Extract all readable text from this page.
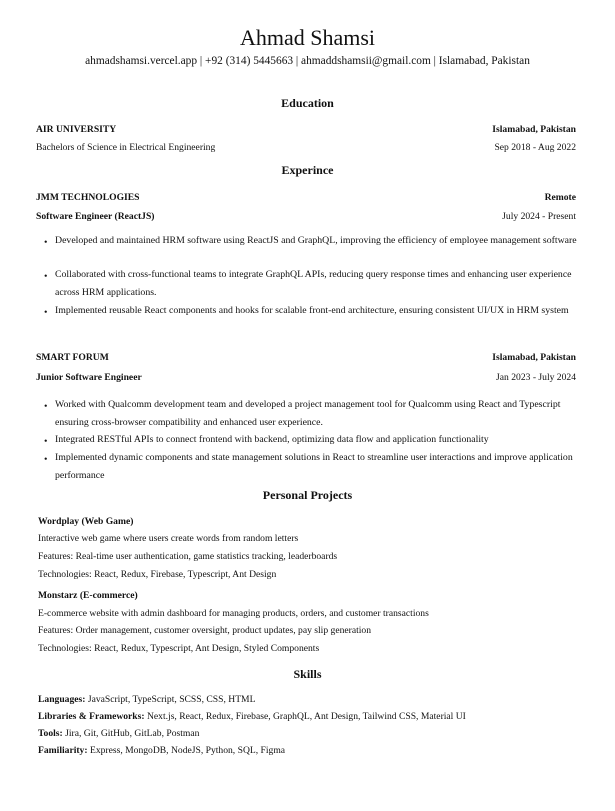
Ahmad Shamsi
ahmadshamsi.vercel.app | +92 (314) 5445663 | ahmaddshamsii@gmail.com | Islamabad, Pakistan
Education
AIR UNIVERSITY	Islamabad, Pakistan
Bachelors of Science in Electrical Engineering	Sep 2018 - Aug 2022
Experince
JMM TECHNOLOGIES	Remote
Software Engineer (ReactJS)	July 2024 - Present
• Developed and maintained HRM software using ReactJS and GraphQL, improving the efficiency of employee management software
• Collaborated with cross-functional teams to integrate GraphQL APIs, reducing query response times and enhancing user experience across HRM applications.
• Implemented reusable React components and hooks for scalable front-end architecture, ensuring consistent UI/UX in HRM system
SMART FORUM	Islamabad, Pakistan
Junior Software Engineer	Jan 2023 - July 2024
• Worked with Qualcomm development team and developed a project management tool for Qualcomm using React and Typescript ensuring cross-browser compatibility and enhanced user experience.
• Integrated RESTful APIs to connect frontend with backend, optimizing data flow and application functionality
• Implemented dynamic components and state management solutions in React to streamline user interactions and improve application performance
Personal Projects
Wordplay (Web Game)
Interactive web game where users create words from random letters
Features: Real-time user authentication, game statistics tracking, leaderboards
Technologies: React, Redux, Firebase, Typescript, Ant Design
Monstarz (E-commerce)
E-commerce website with admin dashboard for managing products, orders, and customer transactions
Features: Order management, customer oversight, product updates, pay slip generation
Technologies: React, Redux, Typescript, Ant Design, Styled Components
Skills
Languages: JavaScript, TypeScript, SCSS, CSS, HTML
Libraries & Frameworks: Next.js, React, Redux, Firebase, GraphQL, Ant Design, Tailwind CSS, Material UI
Tools: Jira, Git, GitHub, GitLab, Postman
Familiarity: Express, MongoDB, NodeJS, Python, SQL, Figma
